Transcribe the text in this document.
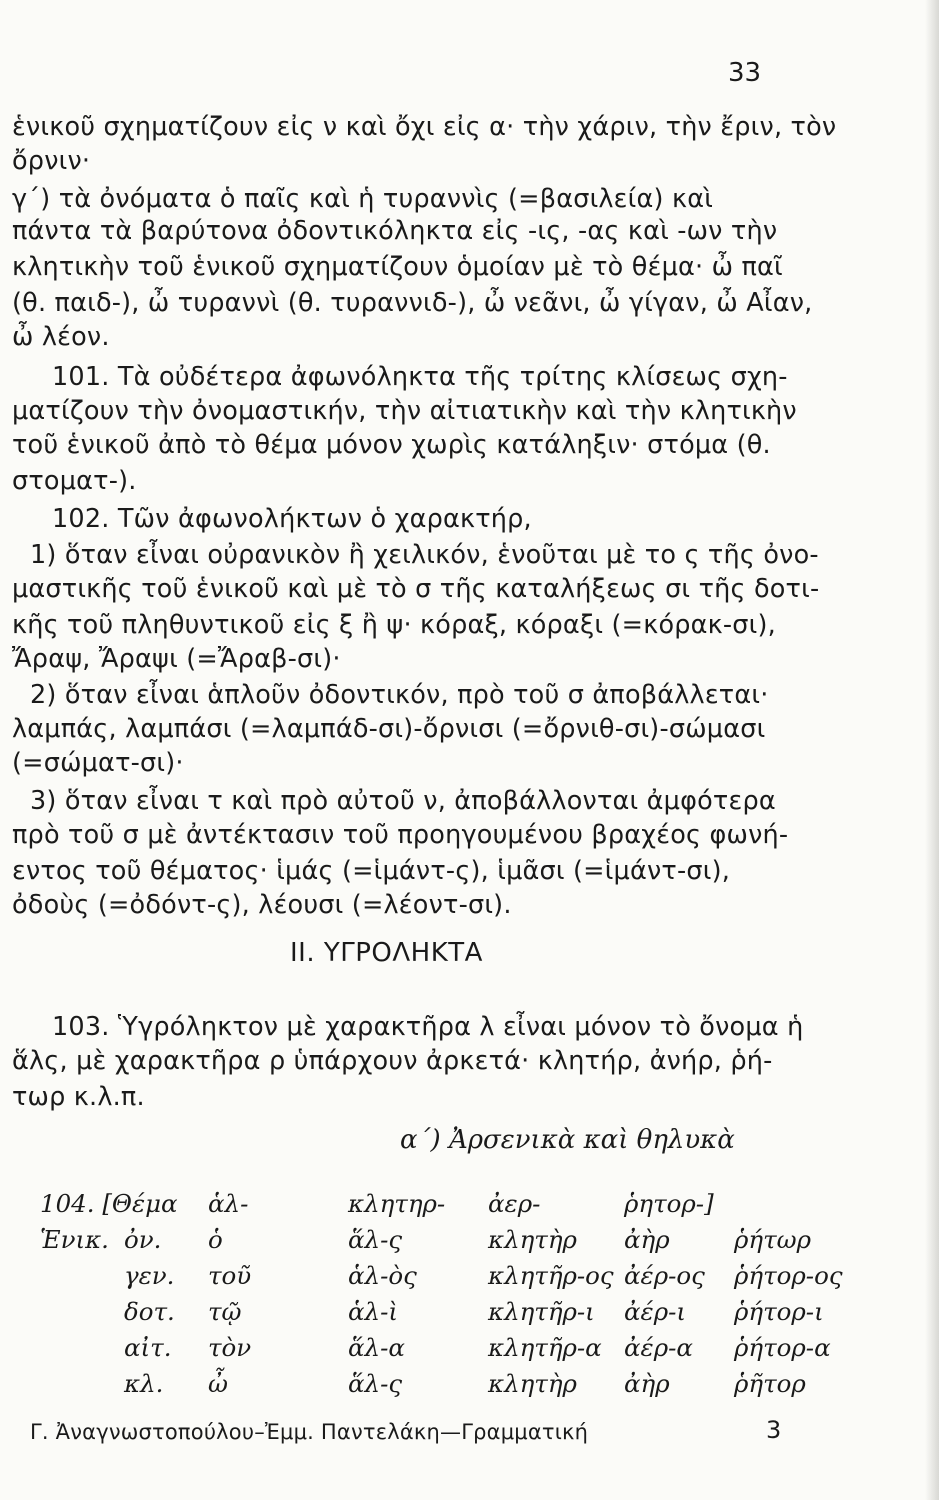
33
ἑνικοῦ σχηματίζουν εἰς ν καὶ ὄχι εἰς α· τὴν χάριν, τὴν ἔριν, τὸν
ὄρνιν·
γ΄) τὰ ὀνόματα ὁ παῖς καὶ ἡ τυραννὶς (=βασιλεία) καὶ
πάντα τὰ βαρύτονα ὀδοντικόληκτα εἰς -ις, -ας καὶ -ων τὴν
κλητικὴν τοῦ ἑνικοῦ σχηματίζουν ὁμοίαν μὲ τὸ θέμα· ὦ παῖ
(θ. παιδ-), ὦ τυραννὶ (θ. τυραννιδ-), ὦ νεᾶνι, ὦ γίγαν, ὦ Αἶαν,
ὦ λέον.
101. Τὰ οὐδέτερα ἀφωνόληκτα τῆς τρίτης κλίσεως σχη-
ματίζουν τὴν ὀνομαστικήν, τὴν αἰτιατικὴν καὶ τὴν κλητικὴν
τοῦ ἑνικοῦ ἀπὸ τὸ θέμα μόνον χωρὶς κατάληξιν· στόμα (θ.
στοματ-).
102. Τῶν ἀφωνολήκτων ὁ χαρακτήρ,
1) ὅταν εἶναι οὐρανικὸν ἢ χειλικόν, ἑνοῦται μὲ το ς τῆς ὀνο-
μαστικῆς τοῦ ἑνικοῦ καὶ μὲ τὸ σ τῆς καταλήξεως σι τῆς δοτι-
κῆς τοῦ πληθυντικοῦ εἰς ξ ἢ ψ· κόραξ, κόραξι (=κόρακ-σι),
Ἄραψ, Ἄραψι (=Ἄραβ-σι)·
2) ὅταν εἶναι ἁπλοῦν ὀδοντικόν, πρὸ τοῦ σ ἀποβάλλεται·
λαμπάς, λαμπάσι (=λαμπάδ-σι)-ὄρνισι (=ὄρνιθ-σι)-σώμασι
(=σώματ-σι)·
3) ὅταν εἶναι τ καὶ πρὸ αὐτοῦ ν, ἀποβάλλονται ἀμφότερα
πρὸ τοῦ σ μὲ ἀντέκτασιν τοῦ προηγουμένου βραχέος φωνή-
εντος τοῦ θέματος· ἱμάς (=ἱμάντ-ς), ἱμᾶσι (=ἱμάντ-σι),
ὀδοὺς (=ὀδόντ-ς), λέουσι (=λέοντ-σι).
103. Ὑγρόληκτον μὲ χαρακτῆρα λ εἶναι μόνον τὸ ὄνομα ἡ
ἅλς, μὲ χαρακτῆρα ρ ὑπάρχουν ἀρκετά· κλητήρ, ἀνήρ, ῥή-
τωρ κ.λ.π.
II. ΥΓΡΟΛΗΚΤΑ
α΄) Ἀρσενικὰ καὶ θηλυκὰ
104. [Θέμα		ἁλ-	κλητηρ-	ἀερ-	ῥητορ-]	
Ἑνικ.	ὀν.	ὁ	ἅλ-ς	κλητὴρ	ἀὴρ	ῥήτωρ
	γεν.	τοῦ	ἁλ-ὸς	κλητῆρ-ος	ἀέρ-ος	ῥήτορ-ος
	δοτ.	τῷ	ἁλ-ὶ	κλητῆρ-ι	ἀέρ-ι	ῥήτορ-ι
	αἰτ.	τὸν	ἅλ-α	κλητῆρ-α	ἀέρ-α	ῥήτορ-α
	κλ.	ὦ	ἅλ-ς	κλητὴρ	ἀὴρ	ῥῆτορ
Γ. Ἀναγνωστοπούλου–Ἐμμ. Παντελάκη—Γραμματική	3
